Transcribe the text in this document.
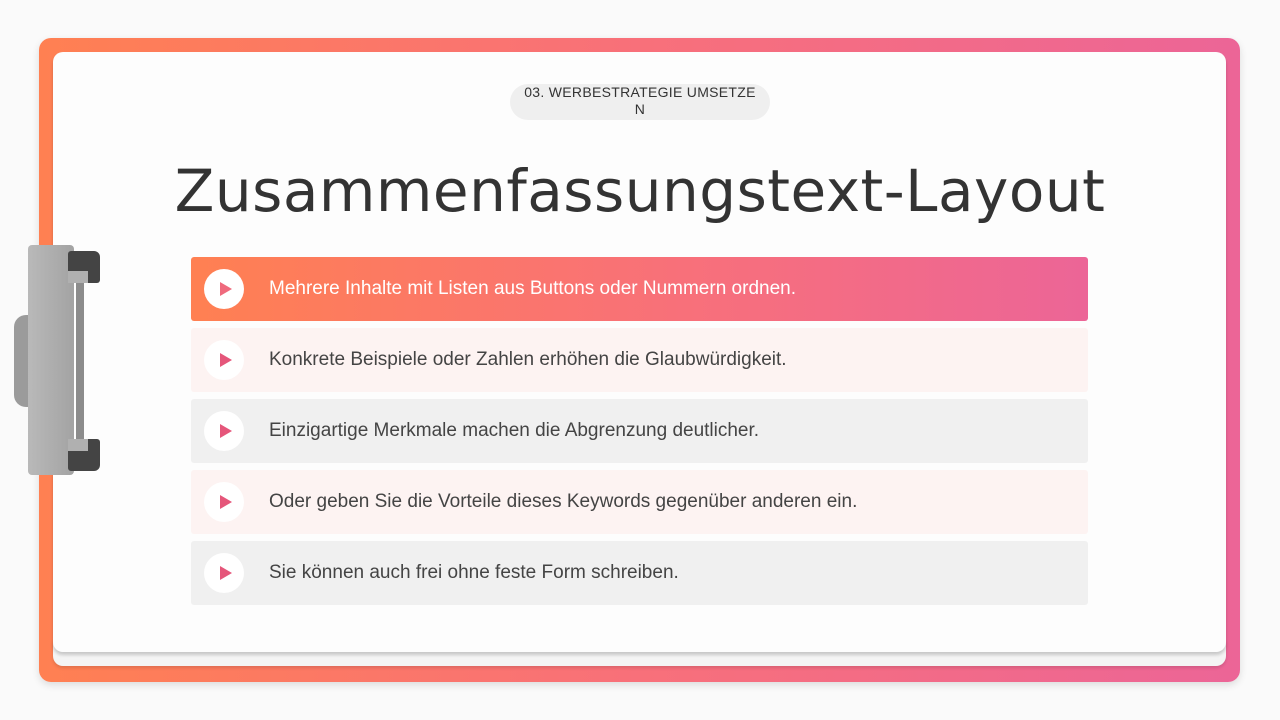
03. WERBESTRATEGIE UMSETZEN
Zusammenfassungstext-Layout
Mehrere Inhalte mit Listen aus Buttons oder Nummern ordnen.
Konkrete Beispiele oder Zahlen erhöhen die Glaubwürdigkeit.
Einzigartige Merkmale machen die Abgrenzung deutlicher.
Oder geben Sie die Vorteile dieses Keywords gegenüber anderen ein.
Sie können auch frei ohne feste Form schreiben.
